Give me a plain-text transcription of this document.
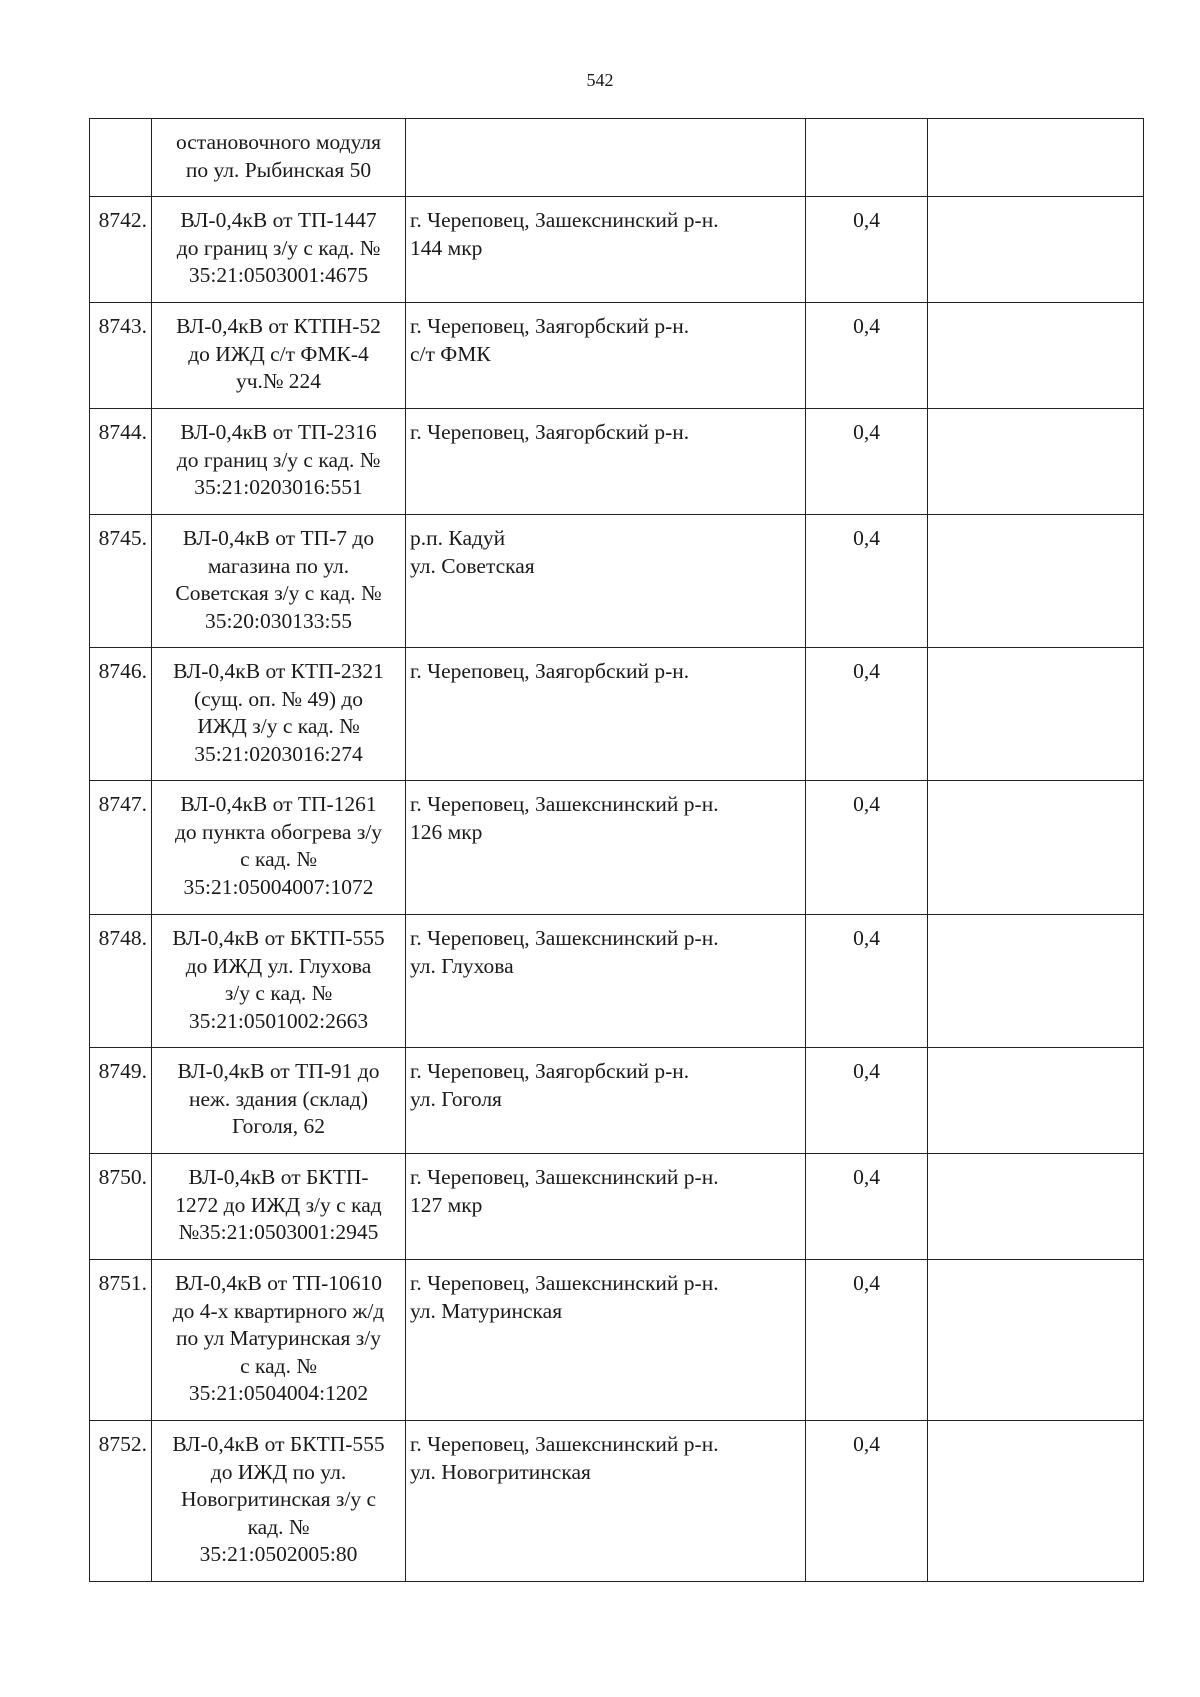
542

	остановочного модуля
по ул. Рыбинская 50			

8742.	ВЛ-0,4кВ от ТП-1447
до границ з/у с кад. №
35:21:0503001:4675	г. Череповец, Зашекснинский р-н.
144 мкр	0,4	
8743.	ВЛ-0,4кВ от КТПН-52
до ИЖД с/т ФМК-4
уч.№ 224	г. Череповец, Заягорбский р-н.
с/т ФМК	0,4	
8744.	ВЛ-0,4кВ от ТП-2316
до границ з/у с кад. №
35:21:0203016:551	г. Череповец, Заягорбский р-н.	0,4	
8745.	ВЛ-0,4кВ от ТП-7 до
магазина по ул.
Советская з/у с кад. №
35:20:030133:55	р.п. Кадуй
ул. Советская	0,4	
8746.	ВЛ-0,4кВ от КТП-2321
(сущ. оп. № 49) до
ИЖД з/у с кад. №
35:21:0203016:274	г. Череповец, Заягорбский р-н.	0,4	
8747.	ВЛ-0,4кВ от ТП-1261
до пункта обогрева з/у
с кад. №
35:21:05004007:1072	г. Череповец, Зашекснинский р-н.
126 мкр	0,4	
8748.	ВЛ-0,4кВ от БКТП-555
до ИЖД ул. Глухова
з/у с кад. №
35:21:0501002:2663	г. Череповец, Зашекснинский р-н.
ул. Глухова	0,4	
8749.	ВЛ-0,4кВ от ТП-91 до
неж. здания (склад)
Гоголя, 62	г. Череповец, Заягорбский р-н.
ул. Гоголя	0,4	
8750.	ВЛ-0,4кВ от БКТП-
1272 до ИЖД з/у с кад
№35:21:0503001:2945	г. Череповец, Зашекснинский р-н.
127 мкр	0,4	
8751.	ВЛ-0,4кВ от ТП-10610
до 4-х квартирного ж/д
по ул Матуринская з/у
с кад. №
35:21:0504004:1202	г. Череповец, Зашекснинский р-н.
ул. Матуринская	0,4	
8752.	ВЛ-0,4кВ от БКТП-555
до ИЖД по ул.
Новогритинская з/у с
кад. №
35:21:0502005:80	г. Череповец, Зашекснинский р-н.
ул. Новогритинская	0,4	
